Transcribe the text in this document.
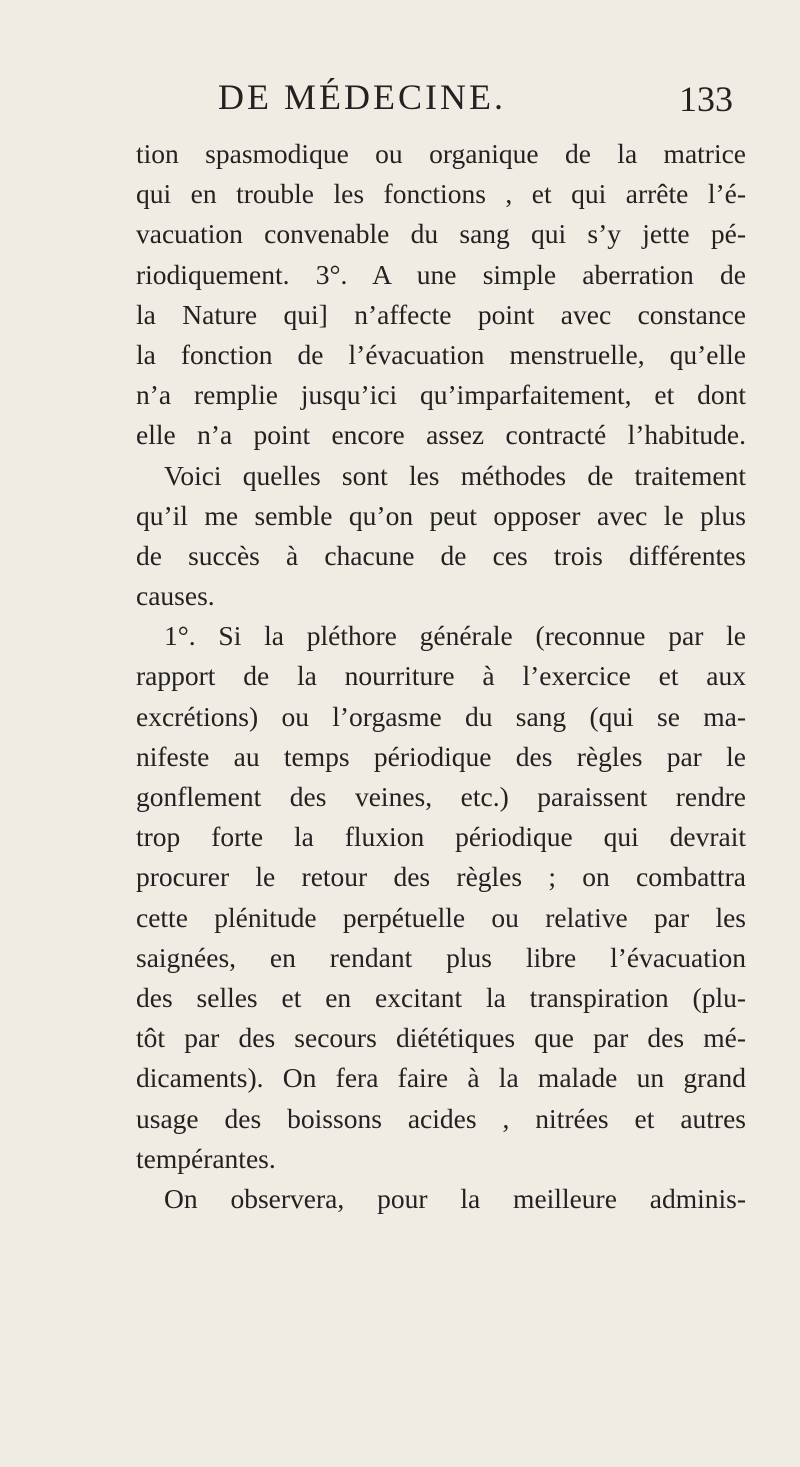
DE MÉDECINE.	133
tion spasmodique ou organique de la matrice
qui en trouble les fonctions , et qui arrête l’é-
vacuation convenable du sang qui s’y jette pé-
riodiquement. 3°. A une simple aberration de
la Nature qui] n’affecte point avec constance
la fonction de l’évacuation menstruelle, qu’elle
n’a remplie jusqu’ici qu’imparfaitement, et dont
elle n’a point encore assez contracté l’habitude.
Voici quelles sont les méthodes de traitement
qu’il me semble qu’on peut opposer avec le plus
de succès à chacune de ces trois différentes
causes.
1°. Si la pléthore générale (reconnue par le
rapport de la nourriture à l’exercice et aux
excrétions) ou l’orgasme du sang (qui se ma-
nifeste au temps périodique des règles par le
gonflement des veines, etc.) paraissent rendre
trop forte la fluxion périodique qui devrait
procurer le retour des règles ; on combattra
cette plénitude perpétuelle ou relative par les
saignées, en rendant plus libre l’évacuation
des selles et en excitant la transpiration (plu-
tôt par des secours diététiques que par des mé-
dicaments). On fera faire à la malade un grand
usage des boissons acides , nitrées et autres
tempérantes.
On observera, pour la meilleure adminis-
